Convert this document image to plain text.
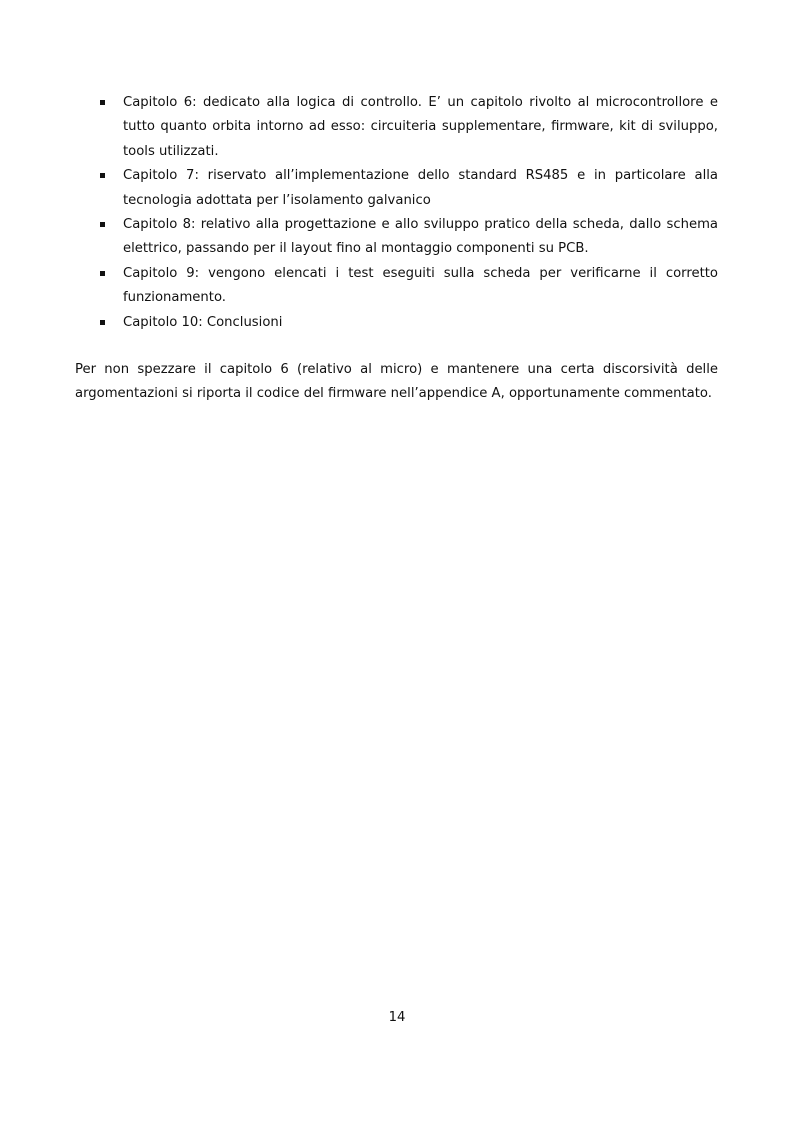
Capitolo 6: dedicato alla logica di controllo. E’ un capitolo rivolto al microcontrollore e tutto quanto orbita intorno ad esso: circuiteria supplementare, firmware, kit di sviluppo, tools utilizzati.
Capitolo 7: riservato all’implementazione dello standard RS485 e in particolare alla tecnologia adottata per l’isolamento galvanico
Capitolo 8: relativo alla progettazione e allo sviluppo pratico della scheda, dallo schema elettrico, passando per il layout fino al montaggio componenti su PCB.
Capitolo 9: vengono elencati i test eseguiti sulla scheda per verificarne il corretto funzionamento.
Capitolo 10: Conclusioni

Per non spezzare il capitolo 6 (relativo al micro) e mantenere una certa discorsività delle argomentazioni si riporta il codice del firmware nell’appendice A, opportunamente commentato.

14
